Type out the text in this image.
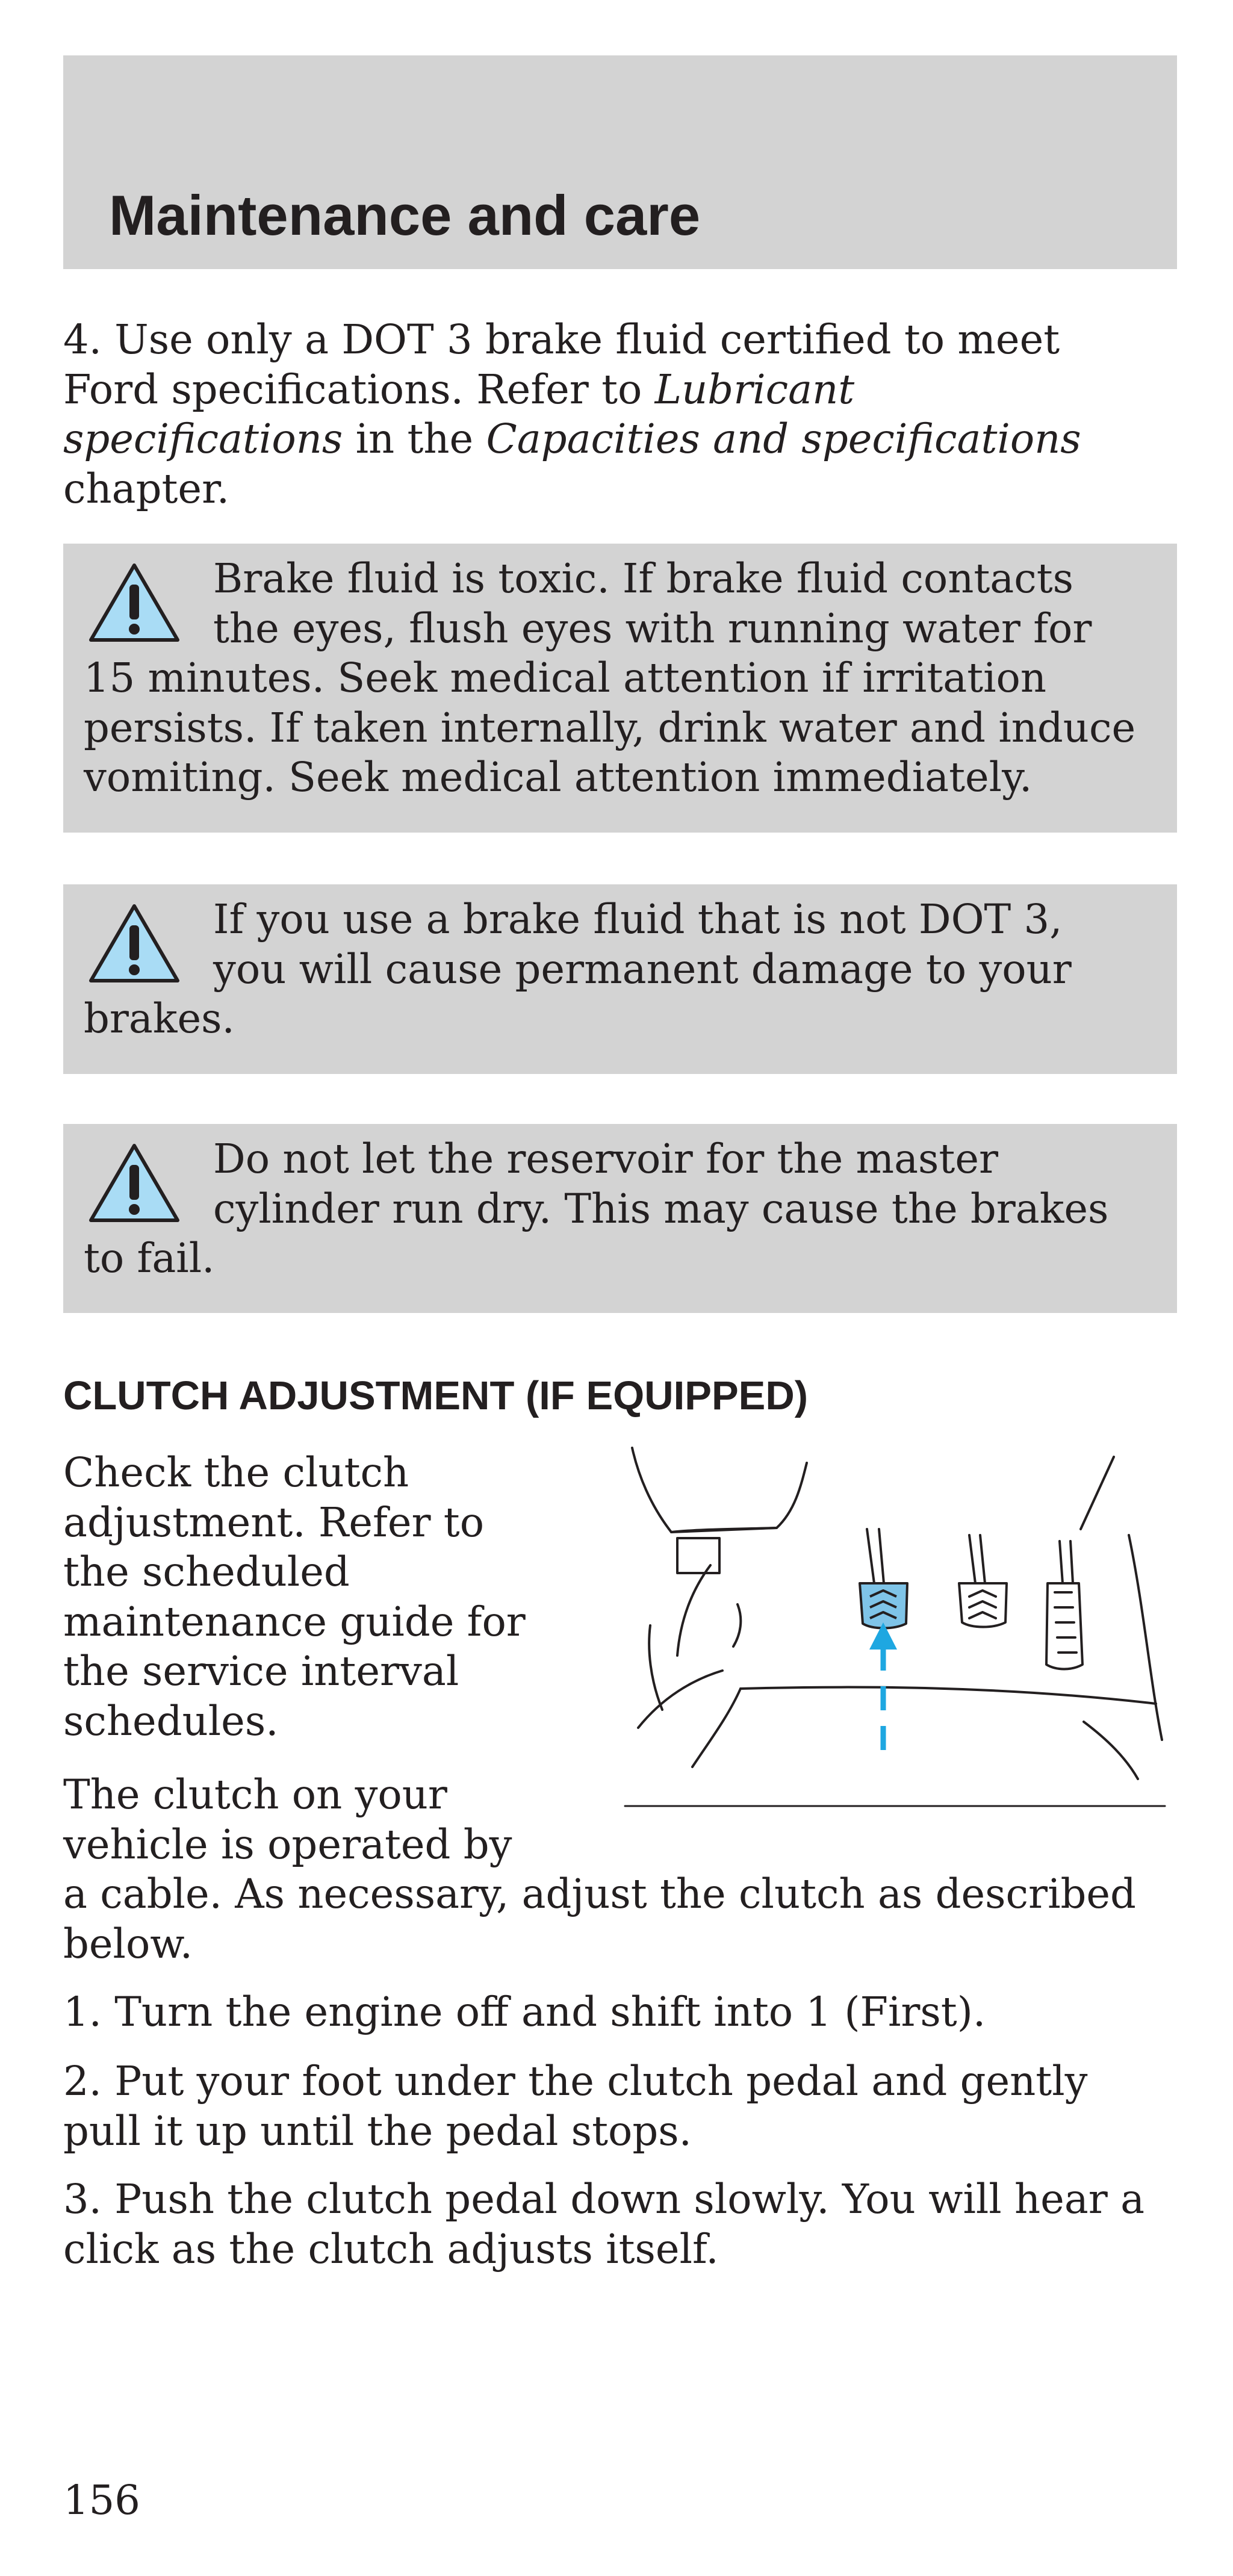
Maintenance and care

4. Use only a DOT 3 brake fluid certified to meet
Ford specifications. Refer to Lubricant
specifications in the Capacities and specifications
chapter.

Brake fluid is toxic. If brake fluid contacts
the eyes, flush eyes with running water for
15 minutes. Seek medical attention if irritation
persists. If taken internally, drink water and induce
vomiting. Seek medical attention immediately.

If you use a brake fluid that is not DOT 3,
you will cause permanent damage to your
brakes.

Do not let the reservoir for the master
cylinder run dry. This may cause the brakes
to fail.

CLUTCH ADJUSTMENT (IF EQUIPPED)

Check the clutch
adjustment. Refer to
the scheduled
maintenance guide for
the service interval
schedules.

The clutch on your
vehicle is operated by
a cable. As necessary, adjust the clutch as described
below.

1. Turn the engine off and shift into 1 (First).

2. Put your foot under the clutch pedal and gently
pull it up until the pedal stops.

3. Push the clutch pedal down slowly. You will hear a
click as the clutch adjusts itself.

156
